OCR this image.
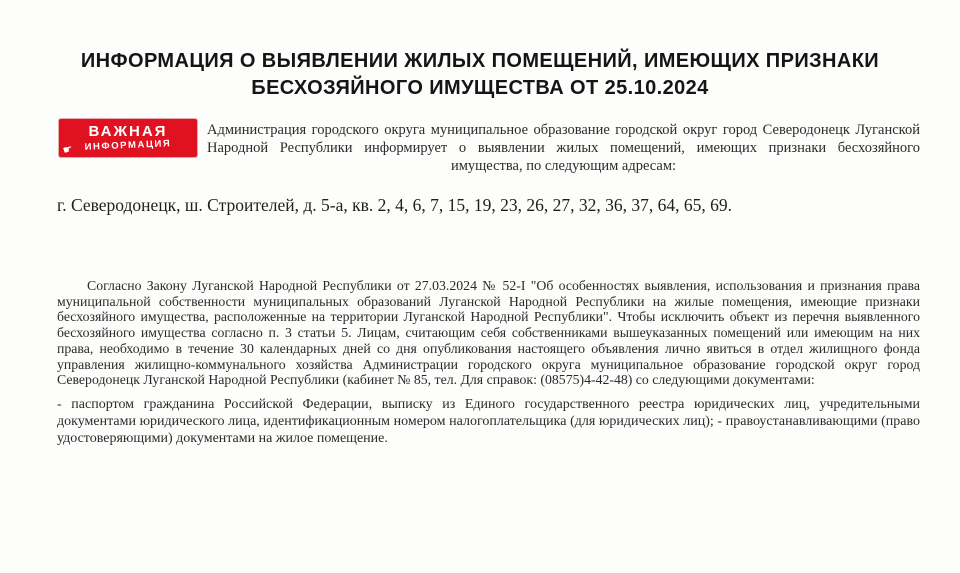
ИНФОРМАЦИЯ О ВЫЯВЛЕНИИ ЖИЛЫХ ПОМЕЩЕНИЙ, ИМЕЮЩИХ ПРИЗНАКИ
БЕСХОЗЯЙНОГО ИМУЩЕСТВА ОТ 25.10.2024
ВАЖНАЯ
ИНФОРМАЦИЯ
☛

Администрация городского округа муниципальное образование городской округ город Северодонецк Луганской Народной Республики информирует о выявлении жилых помещений, имеющих признаки бесхозяйного имущества, по следующим адресам:

г. Северодонецк, ш. Строителей, д. 5-а, кв. 2, 4, 6, 7, 15, 19, 23, 26, 27, 32, 36, 37, 64, 65, 69.

Согласно Закону Луганской Народной Республики от 27.03.2024 № 52-I "Об особенностях выявления, использования и признания права муниципальной собственности муниципальных образований Луганской Народной Республики на жилые помещения, имеющие признаки бесхозяйного имущества, расположенные на территории Луганской Народной Республики". Чтобы исключить объект из перечня выявленного бесхозяйного имущества согласно п. 3 статьи 5. Лицам, считающим себя собственниками вышеуказанных помещений или имеющим на них права, необходимо в течение 30 календарных дней со дня опубликования настоящего объявления лично явиться в отдел жилищного фонда управления жилищно-коммунального хозяйства Администрации городского округа муниципальное образование городской округ город Северодонецк Луганской Народной Республики (кабинет № 85, тел. Для справок: (08575)4-42-48) со следующими документами:

- паспортом гражданина Российской Федерации, выписку из Единого государственного реестра юридических лиц, учредительными документами юридического лица, идентификационным номером налогоплательщика (для юридических лиц); - правоустанавливающими (право удостоверяющими) документами на жилое помещение.
